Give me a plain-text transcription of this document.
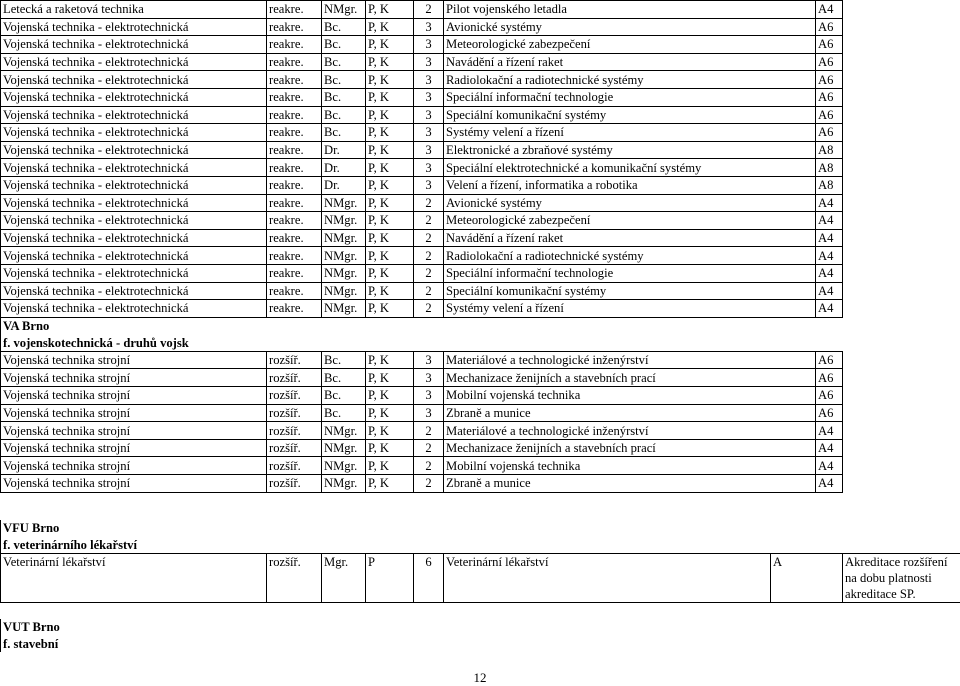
Letecká a raketová technika	reakre.	NMgr.	P, K	2	Pilot vojenského letadla	A4
Vojenská technika - elektrotechnická	reakre.	Bc.	P, K	3	Avionické systémy	A6
Vojenská technika - elektrotechnická	reakre.	Bc.	P, K	3	Meteorologické zabezpečení	A6
Vojenská technika - elektrotechnická	reakre.	Bc.	P, K	3	Navádění a řízení raket	A6
Vojenská technika - elektrotechnická	reakre.	Bc.	P, K	3	Radiolokační a radiotechnické systémy	A6
Vojenská technika - elektrotechnická	reakre.	Bc.	P, K	3	Speciální informační technologie	A6
Vojenská technika - elektrotechnická	reakre.	Bc.	P, K	3	Speciální komunikační systémy	A6
Vojenská technika - elektrotechnická	reakre.	Bc.	P, K	3	Systémy velení a řízení	A6
Vojenská technika - elektrotechnická	reakre.	Dr.	P, K	3	Elektronické a zbraňové systémy	A8
Vojenská technika - elektrotechnická	reakre.	Dr.	P, K	3	Speciální elektrotechnické a komunikační systémy	A8
Vojenská technika - elektrotechnická	reakre.	Dr.	P, K	3	Velení a řízení, informatika a robotika	A8
Vojenská technika - elektrotechnická	reakre.	NMgr.	P, K	2	Avionické systémy	A4
Vojenská technika - elektrotechnická	reakre.	NMgr.	P, K	2	Meteorologické zabezpečení	A4
Vojenská technika - elektrotechnická	reakre.	NMgr.	P, K	2	Navádění a řízení raket	A4
Vojenská technika - elektrotechnická	reakre.	NMgr.	P, K	2	Radiolokační a radiotechnické systémy	A4
Vojenská technika - elektrotechnická	reakre.	NMgr.	P, K	2	Speciální informační technologie	A4
Vojenská technika - elektrotechnická	reakre.	NMgr.	P, K	2	Speciální komunikační systémy	A4
Vojenská technika - elektrotechnická	reakre.	NMgr.	P, K	2	Systémy velení a řízení	A4
VA Brno						
f. vojenskotechnická - druhů vojsk						
Vojenská technika strojní	rozšíř.	Bc.	P, K	3	Materiálové a technologické inženýrství	A6
Vojenská technika strojní	rozšíř.	Bc.	P, K	3	Mechanizace ženijních a stavebních prací	A6
Vojenská technika strojní	rozšíř.	Bc.	P, K	3	Mobilní vojenská technika	A6
Vojenská technika strojní	rozšíř.	Bc.	P, K	3	Zbraně a munice	A6
Vojenská technika strojní	rozšíř.	NMgr.	P, K	2	Materiálové a technologické inženýrství	A4
Vojenská technika strojní	rozšíř.	NMgr.	P, K	2	Mechanizace ženijních a stavebních prací	A4
Vojenská technika strojní	rozšíř.	NMgr.	P, K	2	Mobilní vojenská technika	A4
Vojenská technika strojní	rozšíř.	NMgr.	P, K	2	Zbraně a munice	A4
VFU Brno
f. veterinárního lékařství
Veterinární lékařství	rozšíř.	Mgr.	P	6	Veterinární lékařství	A	Akreditace rozšíření na dobu platnosti akreditace SP.
VUT Brno
f. stavební
12
